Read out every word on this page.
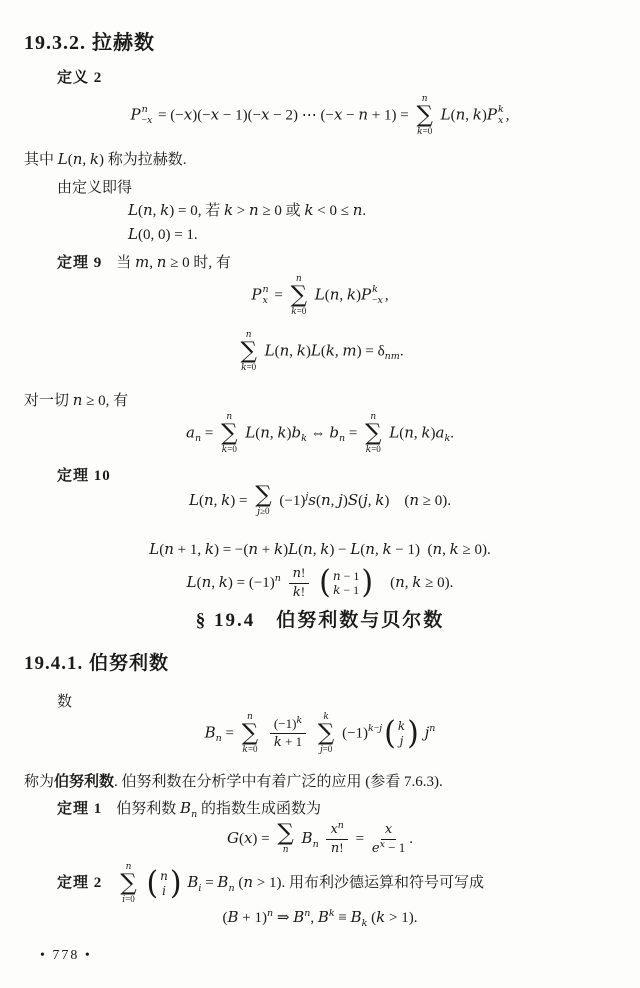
19.3.2. 拉赫数
定义 2
P n
−x = (−x)(−x − 1)(−x − 2) ⋯ (−x − n + 1) =
n
∑
k=0
L(n, k)P k
x ,
其中 L(n, k) 称为拉赫数.
由定义即得
L(n, k) = 0, 若 k > n ≥ 0 或 k < 0 ≤ n.
L(0, 0) = 1.
定理 9 当 m, n ≥ 0 时, 有
P n
x =
n
∑
k=0
L(n, k)P k
−x ,
n
∑
k=0
L(n, k)L(k, $m) = \delta_{nm}$.
对一切 n ≥ 0, 有
$a_n$ =
n
∑
k=0
L(n, $k)b_k$ ⇔ $b_n$ =
n
∑
k=0
L(n, $k)a_k$.
定理 10
L(n, k) = ∑
j≥0
$(-1)^js(n$, j)S(j, k)  (n ≥ 0).
L(n + 1, k) = −(n + k)L(n, k) − L(n, k − 1) (n, k ≥ 0).
L(n, $k) = (-1)^n \frac{n!}{k!}$
( n − 1
k − 1 )   (n, k ≥ 0).
§ 19.4　伯努利数与贝尔数
19.4.1. 伯努利数
数
$B_n$ =
n
∑
k=0
$\frac{(-1)^k}{k + 1}$
k
∑
j=0
$(-1)^{k-j}$ ( k
j ) $j^n$
称为伯努利数. 伯努利数在分析学中有着广泛的应用 (参看 7.6.3).
定理 1 伯努利数 $B_n$ 的指数生成函数为
G(x) = ∑
n
$B_n \frac{x^n}{n!} = \frac{x}{e^x - 1}$ .
定理 2
n
∑
i=0
( n
i ) $B_i = B_n$ (n > 1). 用布利沙德运算和符号可写成
$(B + 1)^n$ ⇒ $B^n$, $B^k \equiv B_k$ (k > 1).
• 778 •
